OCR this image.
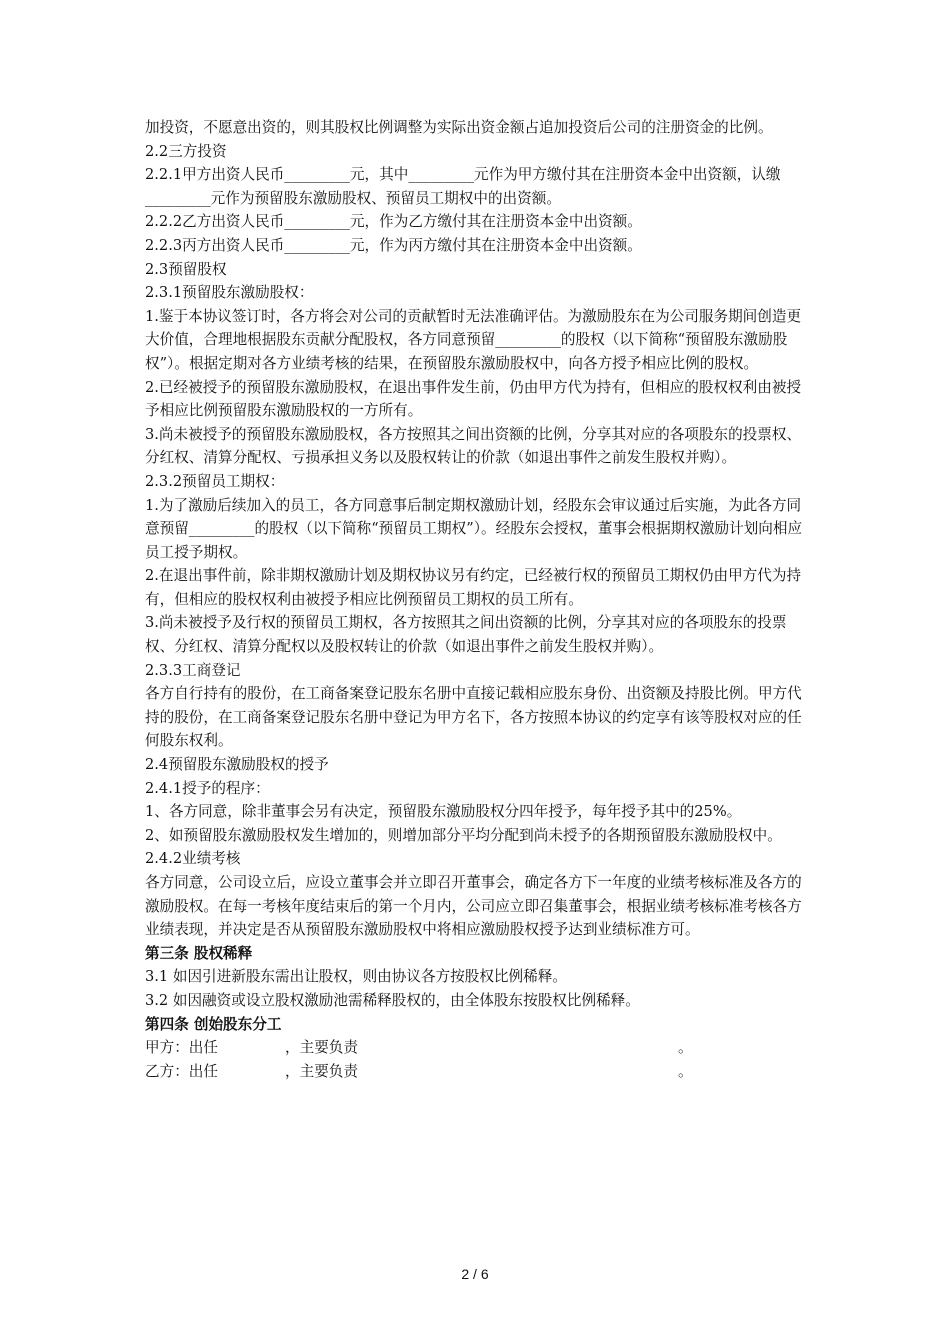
加投资，不愿意出资的，则其股权比例调整为实际出资金额占追加投资后公司的注册资金的比例。

2.2三方投资

2.2.1甲方出资人民币_________元，其中_________元作为甲方缴付其在注册资本金中出资额，认缴_________元作为预留股东激励股权、预留员工期权中的出资额。

2.2.2乙方出资人民币_________元，作为乙方缴付其在注册资本金中出资额。

2.2.3丙方出资人民币_________元，作为丙方缴付其在注册资本金中出资额。

2.3预留股权

2.3.1预留股东激励股权：

1.鉴于本协议签订时，各方将会对公司的贡献暂时无法准确评估。为激励股东在为公司服务期间创造更大价值，合理地根据股东贡献分配股权，各方同意预留_________的股权（以下简称“预留股东激励股权”）。根据定期对各方业绩考核的结果，在预留股东激励股权中，向各方授予相应比例的股权。

2.已经被授予的预留股东激励股权，在退出事件发生前，仍由甲方代为持有，但相应的股权权利由被授予相应比例预留股东激励股权的一方所有。

3.尚未被授予的预留股东激励股权，各方按照其之间出资额的比例，分享其对应的各项股东的投票权、分红权、清算分配权、亏损承担义务以及股权转让的价款（如退出事件之前发生股权并购）。

2.3.2预留员工期权：

1.为了激励后续加入的员工，各方同意事后制定期权激励计划，经股东会审议通过后实施，为此各方同意预留_________的股权（以下简称“预留员工期权”）。经股东会授权，董事会根据期权激励计划向相应员工授予期权。

2.在退出事件前，除非期权激励计划及期权协议另有约定，已经被行权的预留员工期权仍由甲方代为持有，但相应的股权权利由被授予相应比例预留员工期权的员工所有。

3.尚未被授予及行权的预留员工期权，各方按照其之间出资额的比例，分享其对应的各项股东的投票权、分红权、清算分配权以及股权转让的价款（如退出事件之前发生股权并购）。

2.3.3工商登记

各方自行持有的股份，在工商备案登记股东名册中直接记载相应股东身份、出资额及持股比例。甲方代持的股份，在工商备案登记股东名册中登记为甲方名下，各方按照本协议的约定享有该等股权对应的任何股东权利。

2.4预留股东激励股权的授予

2.4.1授予的程序：

1、各方同意，除非董事会另有决定，预留股东激励股权分四年授予，每年授予其中的25%。

2、如预留股东激励股权发生增加的，则增加部分平均分配到尚未授予的各期预留股东激励股权中。

2.4.2业绩考核

各方同意，公司设立后，应设立董事会并立即召开董事会，确定各方下一年度的业绩考核标准及各方的激励股权。在每一考核年度结束后的第一个月内，公司应立即召集董事会，根据业绩考核标准考核各方业绩表现，并决定是否从预留股东激励股权中将相应激励股权授予达到业绩标准方可。

第三条 股权稀释

3.1 如因引进新股东需出让股权，则由协议各方按股权比例稀释。

3.2 如因融资或设立股权激励池需稀释股权的，由全体股东按股权比例稀释。

第四条 创始股东分工

甲方：出任	，主要负责	。
乙方：出任	，主要负责	。
2 / 6
